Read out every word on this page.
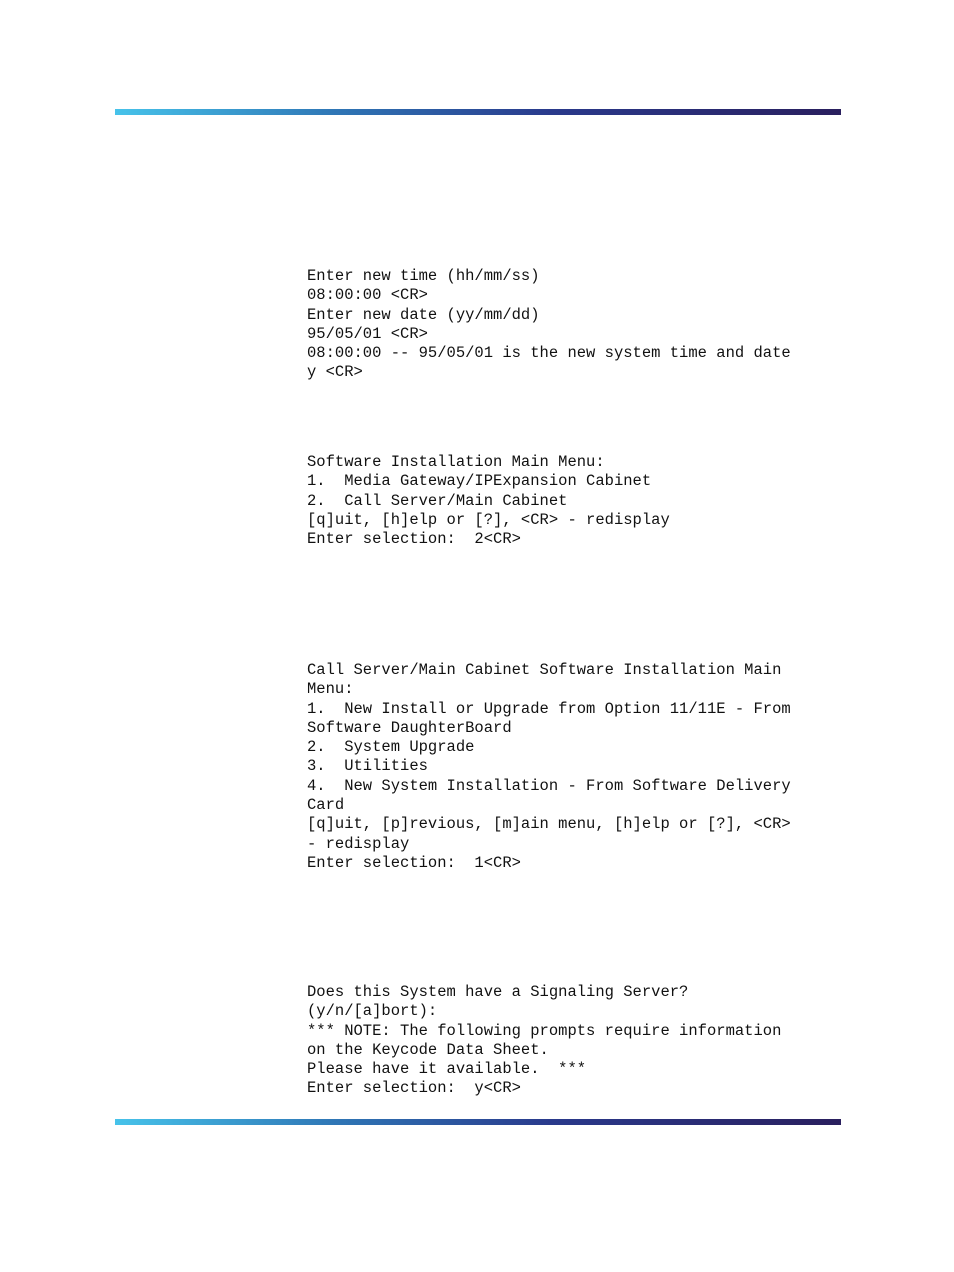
Enter new time (hh/mm/ss)
08:00:00 <CR>
Enter new date (yy/mm/dd)
95/05/01 <CR>
08:00:00 -- 95/05/01 is the new system time and date
y <CR>
Software Installation Main Menu:
1.  Media Gateway/IPExpansion Cabinet
2.  Call Server/Main Cabinet
[q]uit, [h]elp or [?], <CR> - redisplay
Enter selection:  2<CR>
Call Server/Main Cabinet Software Installation Main
Menu:
1.  New Install or Upgrade from Option 11/11E - From
Software DaughterBoard
2.  System Upgrade
3.  Utilities
4.  New System Installation - From Software Delivery
Card
[q]uit, [p]revious, [m]ain menu, [h]elp or [?], <CR>
- redisplay
Enter selection:  1<CR>
Does this System have a Signaling Server?
(y/n/[a]bort):
*** NOTE: The following prompts require information
on the Keycode Data Sheet.
Please have it available.  ***
Enter selection:  y<CR>
